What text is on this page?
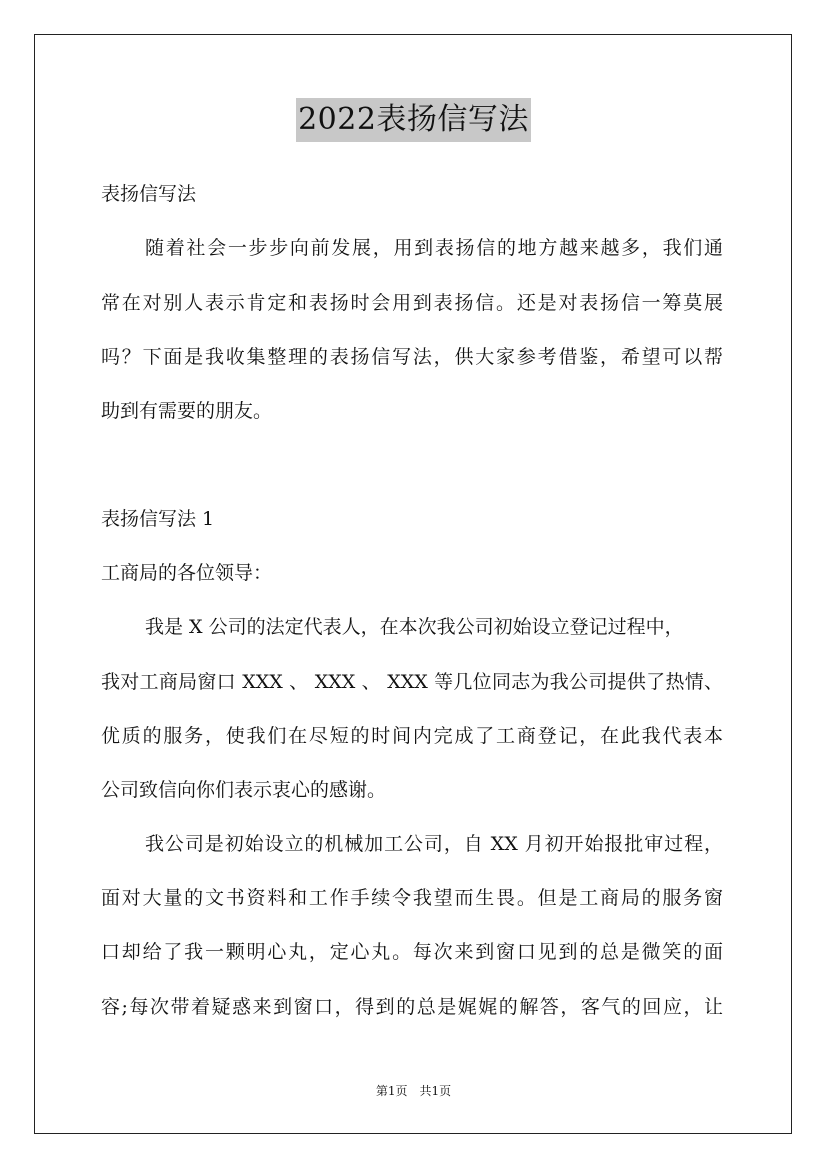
2022表扬信写法
表扬信写法
随着社会一步步向前发展，用到表扬信的地方越来越多，我们通
常在对别人表示肯定和表扬时会用到表扬信。还是对表扬信一筹莫展
吗？下面是我收集整理的表扬信写法，供大家参考借鉴，希望可以帮
助到有需要的朋友。
表扬信写法 1
工商局的各位领导：
我是 X 公司的法定代表人，在本次我公司初始设立登记过程中，
我对工商局窗口 XXX 、 XXX 、 XXX 等几位同志为我公司提供了热情、
优质的服务，使我们在尽短的时间内完成了工商登记，在此我代表本
公司致信向你们表示衷心的感谢。
我公司是初始设立的机械加工公司，自 XX 月初开始报批审过程，
面对大量的文书资料和工作手续令我望而生畏。但是工商局的服务窗
口却给了我一颗明心丸，定心丸。每次来到窗口见到的总是微笑的面
容;每次带着疑惑来到窗口，得到的总是娓娓的解答，客气的回应，让
第1页　共1页
